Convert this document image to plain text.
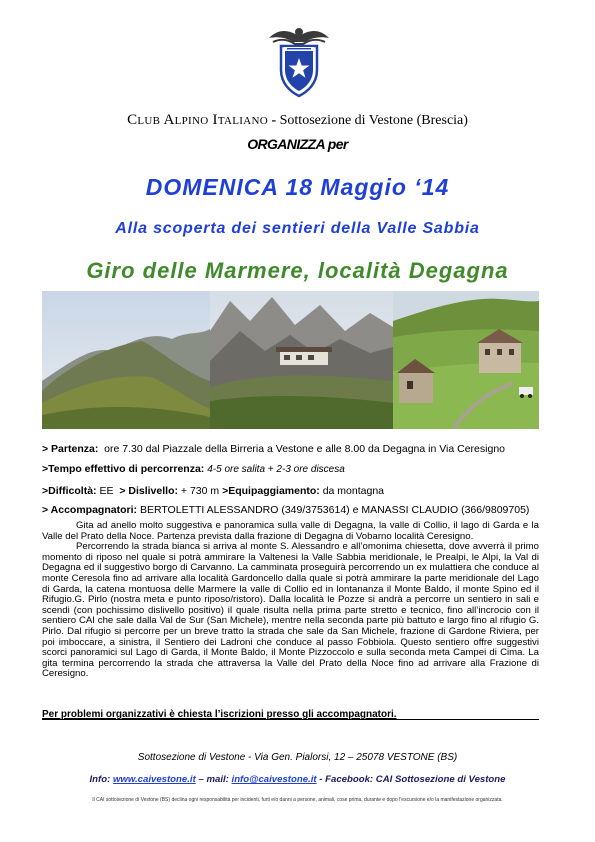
Club Alpino Italiano - Sottosezione di Vestone (Brescia)
ORGANIZZA per
DOMENICA 18 Maggio ‘14
Alla scoperta dei sentieri della Valle Sabbia
Giro delle Marmere, località Degagna
> Partenza: ore 7.30 dal Piazzale della Birreria a Vestone e alle 8.00 da Degagna in Via Ceresigno
>Tempo effettivo di percorrenza: 4-5 ore salita + 2-3 ore discesa
>Difficoltà: EE > Dislivello: + 730 m >Equipaggiamento: da montagna
> Accompagnatori: BERTOLETTI ALESSANDRO (349/3753614) e MANASSI CLAUDIO (366/9809705)

Gita ad anello molto suggestiva e panoramica sulla valle di Degagna, la valle di Collio, il lago di Garda e la Valle del Prato della Noce. Partenza prevista dalla frazione di Degagna di Vobarno località Ceresigno.

Percorrendo la strada bianca si arriva al monte S. Alessandro e all’omonima chiesetta, dove avverrà il primo momento di riposo nel quale si potrà ammirare la Valtenesi la Valle Sabbia meridionale, le Prealpi, le Alpi, la Val di Degagna ed il suggestivo borgo di Carvanno. La camminata proseguirà percorrendo un ex mulattiera che conduce al monte Ceresola fino ad arrivare alla località Gardoncello dalla quale si potrà ammirare la parte meridionale del Lago di Garda, la catena montuosa delle Marmere la valle di Collio ed in lontananza il Monte Baldo, il monte Spino ed il Rifugio.G. Pirlo (nostra meta e punto riposo/ristoro). Dalla località le Pozze si andrà a percorre un sentiero in sali e scendi (con pochissimo dislivello positivo) il quale risulta nella prima parte stretto e tecnico, fino all’incrocio con il sentiero CAI che sale dalla Val de Sur (San Michele), mentre nella seconda parte più battuto e largo fino al rifugio G. Pirlo. Dal rifugio si percorre per un breve tratto la strada che sale da San Michele, frazione di Gardone Riviera, per poi imboccare, a sinistra, il Sentiero dei Ladroni che conduce al passo Fobbiola. Questo sentiero offre suggestivi scorci panoramici sul Lago di Garda, il Monte Baldo, il Monte Pizzoccolo e sulla seconda meta Campei di Cima. La gita termina percorrendo la strada che attraversa la Valle del Prato della Noce fino ad arrivare alla Frazione di Ceresigno.

Per problemi organizzativi è chiesta l’iscrizioni presso gli accompagnatori.
Sottosezione di Vestone - Via Gen. Pialorsi, 12 – 25078 VESTONE (BS)
Info: www.caivestone.it – mail: info@caivestone.it - Facebook: CAI Sottosezione di Vestone
Il CAI sottosezione di Vestone (BS) declina ogni responsabilità per incidenti, furti e/o danni a persone, animali, cose prima, durante e dopo l’escursione e/o la manifestazione organizzata.
